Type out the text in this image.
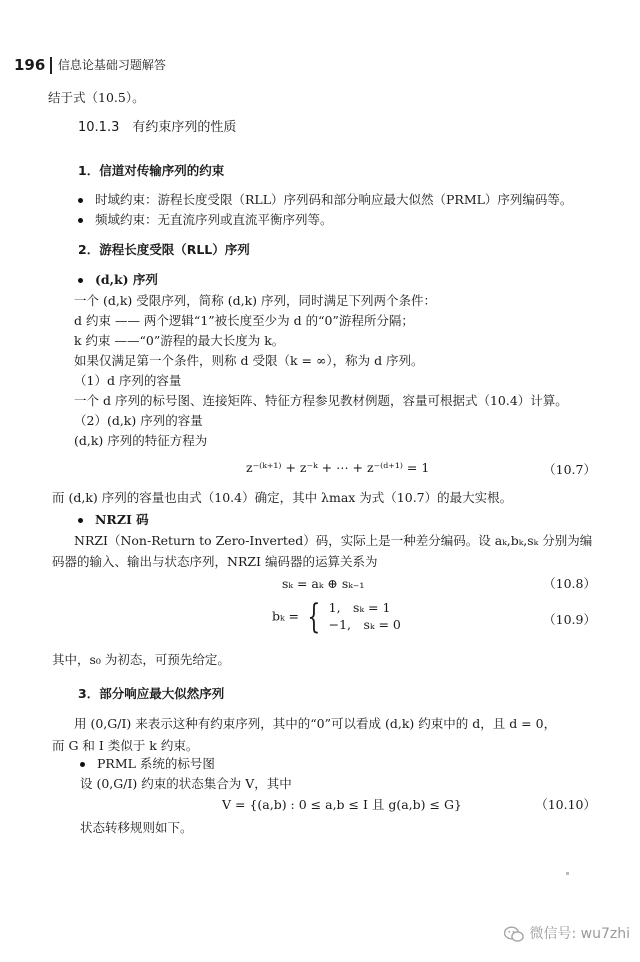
196 信息论基础习题解答
结于式（10.5）。
10.1.3　有约束序列的性质
1．信道对传输序列的约束
时域约束：游程长度受限（RLL）序列码和部分响应最大似然（PRML）序列编码等。
频域约束：无直流序列或直流平衡序列等。
2．游程长度受限（RLL）序列
(d,k) 序列
一个 (d,k) 受限序列，简称 (d,k) 序列，同时满足下列两个条件：
d 约束 —— 两个逻辑“1”被长度至少为 d 的“0”游程所分隔；
k 约束 ——“0”游程的最大长度为 k。
如果仅满足第一个条件，则称 d 受限（k = ∞），称为 d 序列。
（1）d 序列的容量
一个 d 序列的标号图、连接矩阵、特征方程参见教材例题，容量可根据式（10.4）计算。
（2）(d,k) 序列的容量
(d,k) 序列的特征方程为
z⁻⁽ᵏ⁺¹⁾ + z⁻ᵏ + ⋯ + z⁻⁽ᵈ⁺¹⁾ = 1	（10.7）
而 (d,k) 序列的容量也由式（10.4）确定，其中 λmax 为式（10.7）的最大实根。
NRZI 码
NRZI（Non-Return to Zero-Inverted）码，实际上是一种差分编码。设 aₖ,bₖ,sₖ 分别为编
码器的输入、输出与状态序列，NRZI 编码器的运算关系为
sₖ = aₖ ⊕ sₖ₋₁	（10.8）
bₖ = { 1,　sₖ = 1
−1,　sₖ = 0	（10.9）
其中，s₀ 为初态，可预先给定。
3．部分响应最大似然序列
用 (0,G/I) 来表示这种有约束序列，其中的“0”可以看成 (d,k) 约束中的 d，且 d = 0，
而 G 和 I 类似于 k 约束。
PRML 系统的标号图
设 (0,G/I) 约束的状态集合为 V，其中
V = {(a,b) : 0 ≤ a,b ≤ I 且 g(a,b) ≤ G}	（10.10）
状态转移规则如下。
微信号: wu7zhi
